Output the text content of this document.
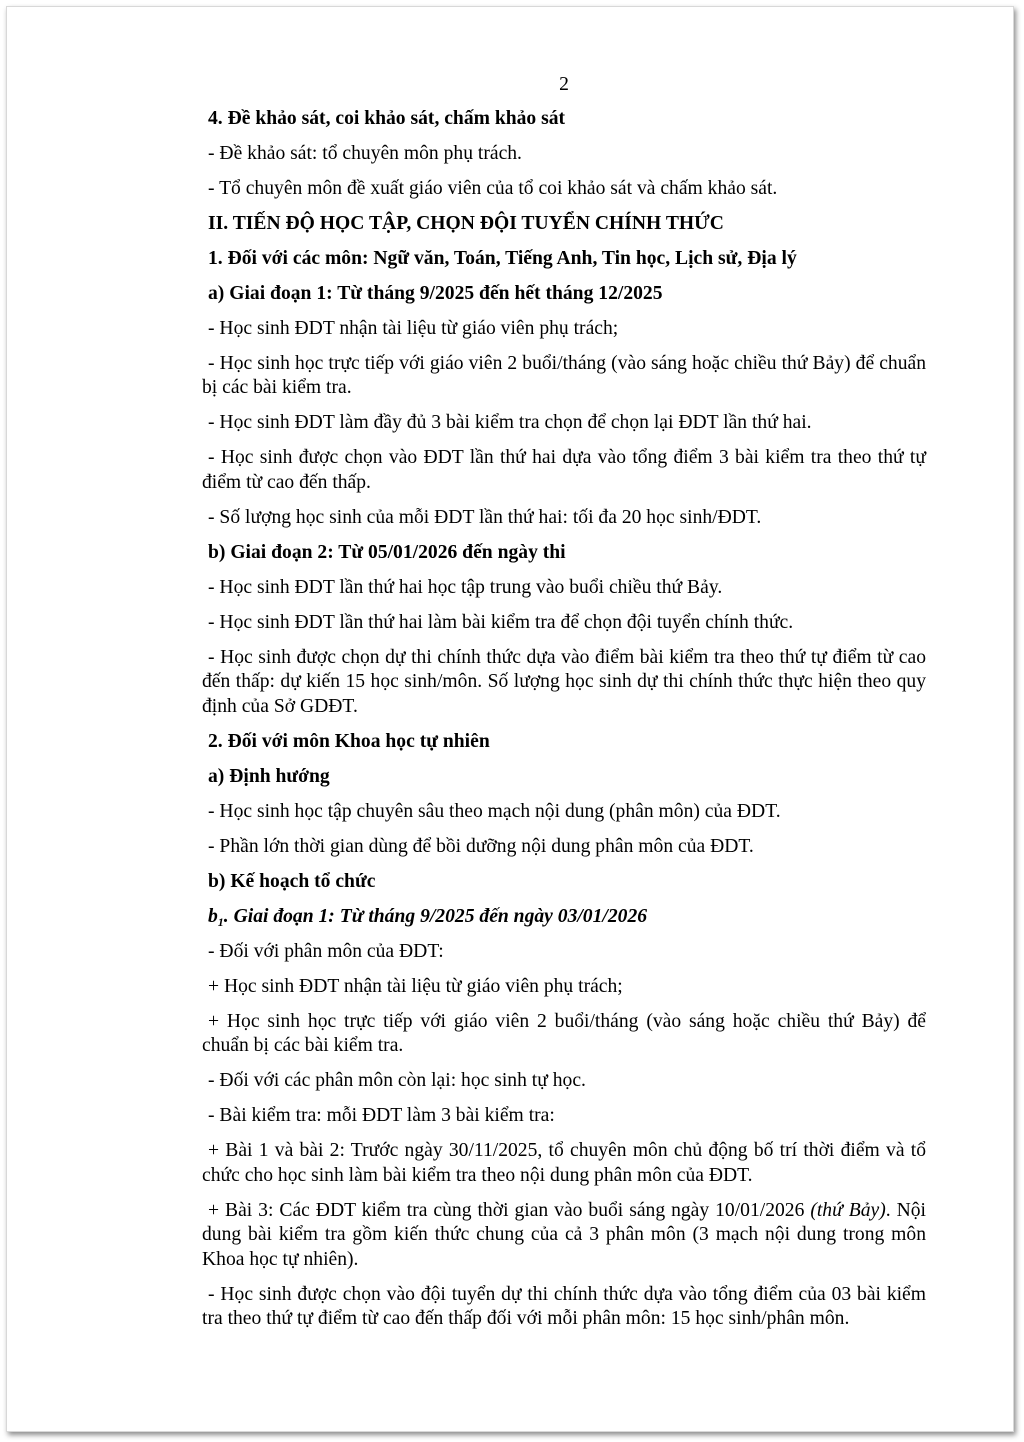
2

4. Đề khảo sát, coi khảo sát, chấm khảo sát

- Đề khảo sát: tổ chuyên môn phụ trách.

- Tổ chuyên môn đề xuất giáo viên của tổ coi khảo sát và chấm khảo sát.

II. TIẾN ĐỘ HỌC TẬP, CHỌN ĐỘI TUYỂN CHÍNH THỨC

1. Đối với các môn: Ngữ văn, Toán, Tiếng Anh, Tin học, Lịch sử, Địa lý

a) Giai đoạn 1: Từ tháng 9/2025 đến hết tháng 12/2025

- Học sinh ĐDT nhận tài liệu từ giáo viên phụ trách;

- Học sinh học trực tiếp với giáo viên 2 buổi/tháng (vào sáng hoặc chiều thứ Bảy) để chuẩn bị các bài kiểm tra.

- Học sinh ĐDT làm đầy đủ 3 bài kiểm tra chọn để chọn lại ĐDT lần thứ hai.

- Học sinh được chọn vào ĐDT lần thứ hai dựa vào tổng điểm 3 bài kiểm tra theo thứ tự điểm từ cao đến thấp.

- Số lượng học sinh của mỗi ĐDT lần thứ hai: tối đa 20 học sinh/ĐDT.

b) Giai đoạn 2: Từ 05/01/2026 đến ngày thi

- Học sinh ĐDT lần thứ hai học tập trung vào buổi chiều thứ Bảy.

- Học sinh ĐDT lần thứ hai làm bài kiểm tra để chọn đội tuyển chính thức.

- Học sinh được chọn dự thi chính thức dựa vào điểm bài kiểm tra theo thứ tự điểm từ cao đến thấp: dự kiến 15 học sinh/môn. Số lượng học sinh dự thi chính thức thực hiện theo quy định của Sở GDĐT.

2. Đối với môn Khoa học tự nhiên

a) Định hướng

- Học sinh học tập chuyên sâu theo mạch nội dung (phân môn) của ĐDT.

- Phần lớn thời gian dùng để bồi dưỡng nội dung phân môn của ĐDT.

b) Kế hoạch tổ chức

$b_1$. Giai đoạn 1: Từ tháng 9/2025 đến ngày 03/01/2026

- Đối với phân môn của ĐDT:

+ Học sinh ĐDT nhận tài liệu từ giáo viên phụ trách;

+ Học sinh học trực tiếp với giáo viên 2 buổi/tháng (vào sáng hoặc chiều thứ Bảy) để chuẩn bị các bài kiểm tra.

- Đối với các phân môn còn lại: học sinh tự học.

- Bài kiểm tra: mỗi ĐDT làm 3 bài kiểm tra:

+ Bài 1 và bài 2: Trước ngày 30/11/2025, tổ chuyên môn chủ động bố trí thời điểm và tổ chức cho học sinh làm bài kiểm tra theo nội dung phân môn của ĐDT.

+ Bài 3: Các ĐDT kiểm tra cùng thời gian vào buổi sáng ngày 10/01/2026 (thứ Bảy). Nội dung bài kiểm tra gồm kiến thức chung của cả 3 phân môn (3 mạch nội dung trong môn Khoa học tự nhiên).

- Học sinh được chọn vào đội tuyển dự thi chính thức dựa vào tổng điểm của 03 bài kiểm tra theo thứ tự điểm từ cao đến thấp đối với mỗi phân môn: 15 học sinh/phân môn.
